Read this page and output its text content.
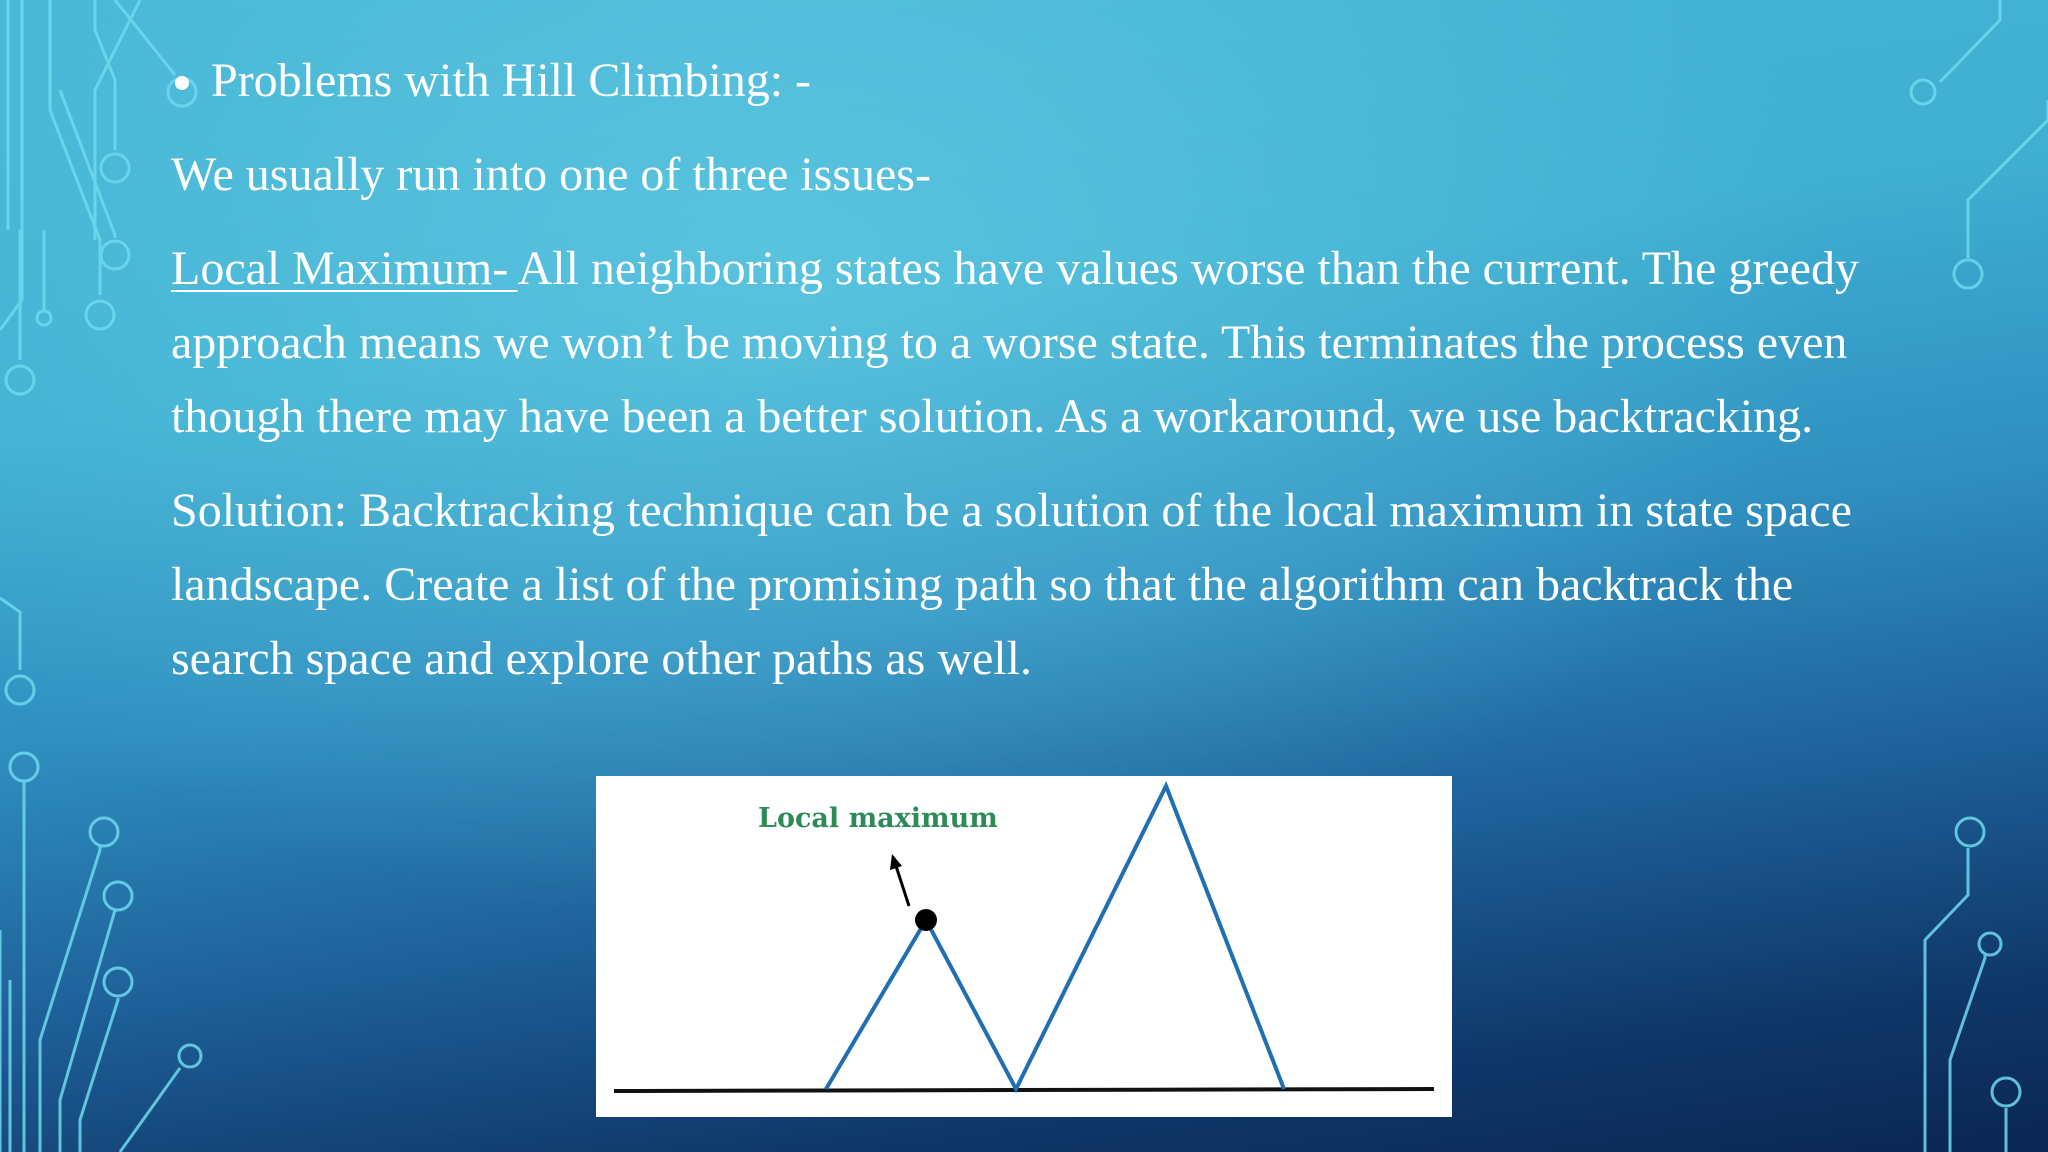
Problems with Hill Climbing: -

We usually run into one of three issues-

Local Maximum- All neighboring states have values worse than the current. The greedy approach means we won’t be moving to a worse state. This terminates the process even though there may have been a better solution. As a workaround, we use backtracking.

Solution: Backtracking technique can be a solution of the local maximum in state space landscape. Create a list of the promising path so that the algorithm can backtrack the search space and explore other paths as well.

Local maximum
